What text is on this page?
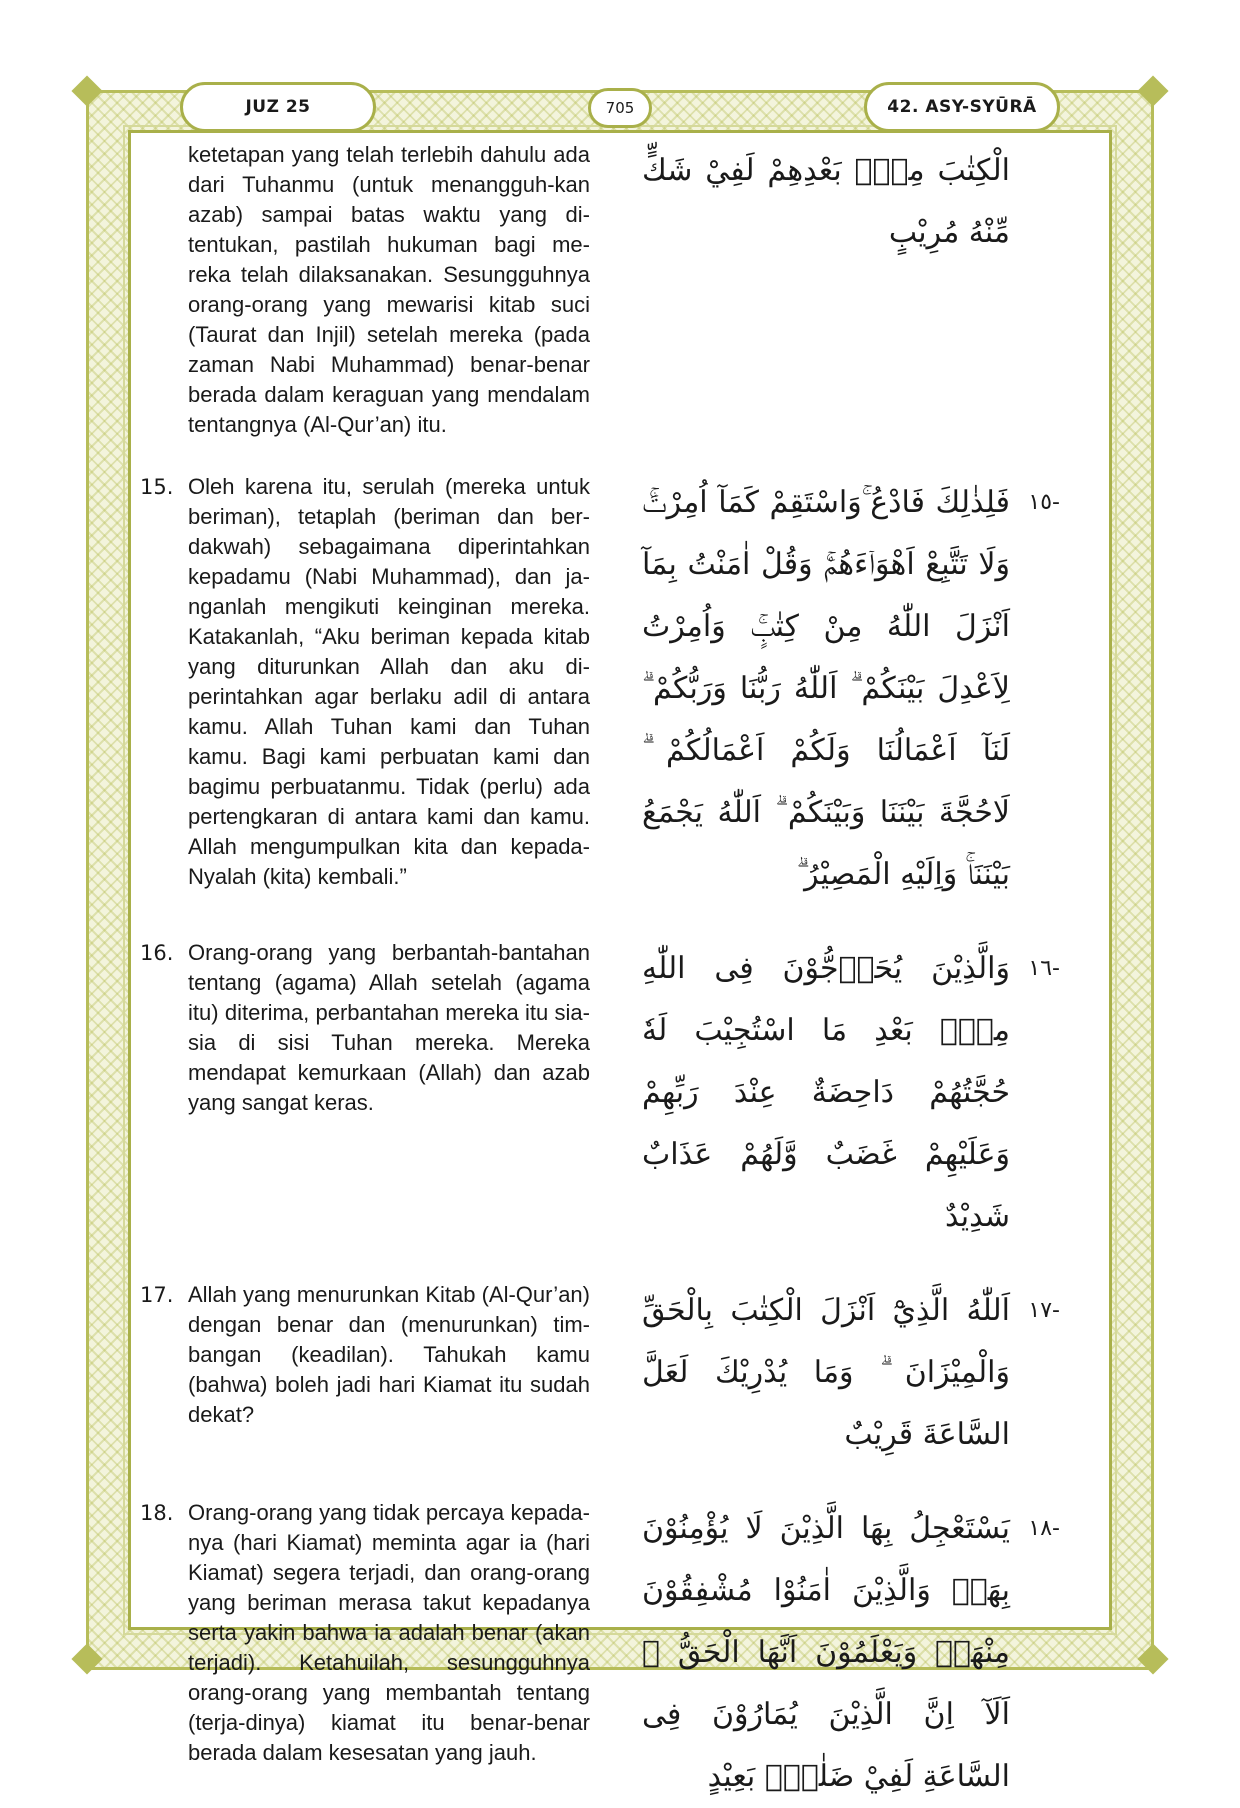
JUZ 25	705	42. ASY-SYŪRĀ

ketetapan yang telah terlebih dahulu ada dari Tuhanmu (untuk menangguh-kan azab) sampai batas waktu yang di-tentukan, pastilah hukuman bagi me-reka telah dilaksanakan. Sesungguhnya orang-orang yang mewarisi kitab suci (Taurat dan Injil) setelah mereka (pada zaman Nabi Muhammad) benar-benar berada dalam keraguan yang mendalam tentangnya (Al-Qur’an) itu.

الْكِتٰبَ مِنْۢ بَعْدِهِمْ لَفِيْ شَكٍّ مِّنْهُ مُرِيْبٍ

15. Oleh karena itu, serulah (mereka untuk beriman), tetaplah (beriman dan ber-dakwah) sebagaimana diperintahkan kepadamu (Nabi Muhammad), dan ja-nganlah mengikuti keinginan mereka. Katakanlah, “Aku beriman kepada kitab yang diturunkan Allah dan aku di-perintahkan agar berlaku adil di antara kamu. Allah Tuhan kami dan Tuhan kamu. Bagi kami perbuatan kami dan bagimu perbuatanmu. Tidak (perlu) ada pertengkaran di antara kami dan kamu. Allah mengumpulkan kita dan kepada-Nyalah (kita) kembali.”

-١٥

فَلِذٰلِكَ فَادْعُ ۚوَاسْتَقِمْ كَمَآ اُمِرْتَۚ وَلَا تَتَّبِعْ اَهْوَاۤءَهُمْۚ وَقُلْ اٰمَنْتُ بِمَآ اَنْزَلَ اللّٰهُ مِنْ كِتٰبٍۚ وَاُمِرْتُ لِاَعْدِلَ بَيْنَكُمْ ۗ اَللّٰهُ رَبُّنَا وَرَبُّكُمْ ۗ لَنَآ اَعْمَالُنَا وَلَكُمْ اَعْمَالُكُمْ ۗ لَاحُجَّةَ بَيْنَنَا وَبَيْنَكُمْ ۗ اَللّٰهُ يَجْمَعُ بَيْنَنَاۚ وَاِلَيْهِ الْمَصِيْرُ ۗ

16. Orang-orang yang berbantah-bantahan tentang (agama) Allah setelah (agama itu) diterima, perbantahan mereka itu sia-sia di sisi Tuhan mereka. Mereka mendapat kemurkaan (Allah) dan azab yang sangat keras.

-١٦

وَالَّذِيْنَ يُحَاۤجُّوْنَ فِى اللّٰهِ مِنْۢ بَعْدِ مَا اسْتُجِيْبَ لَهٗ حُجَّتُهُمْ دَاحِضَةٌ عِنْدَ رَبِّهِمْ وَعَلَيْهِمْ غَضَبٌ وَّلَهُمْ عَذَابٌ شَدِيْدٌ

17. Allah yang menurunkan Kitab (Al-Qur’an) dengan benar dan (menurunkan) tim-bangan (keadilan). Tahukah kamu (bahwa) boleh jadi hari Kiamat itu sudah dekat?

-١٧

اَللّٰهُ الَّذِيْٓ اَنْزَلَ الْكِتٰبَ بِالْحَقِّ وَالْمِيْزَانَ ۗ وَمَا يُدْرِيْكَ لَعَلَّ السَّاعَةَ قَرِيْبٌ

18. Orang-orang yang tidak percaya kepada-nya (hari Kiamat) meminta agar ia (hari Kiamat) segera terjadi, dan orang-orang yang beriman merasa takut kepadanya serta yakin bahwa ia adalah benar (akan terjadi). Ketahuilah, sesungguhnya orang-orang yang membantah tentang (terja-dinya) kiamat itu benar-benar berada dalam kesesatan yang jauh.

-١٨

يَسْتَعْجِلُ بِهَا الَّذِيْنَ لَا يُؤْمِنُوْنَ بِهَاۚ وَالَّذِيْنَ اٰمَنُوْا مُشْفِقُوْنَ مِنْهَاۙ وَيَعْلَمُوْنَ اَنَّهَا الْحَقُّ ۗ اَلَآ اِنَّ الَّذِيْنَ يُمَارُوْنَ فِى السَّاعَةِ لَفِيْ ضَلٰلٍۢ بَعِيْدٍ
